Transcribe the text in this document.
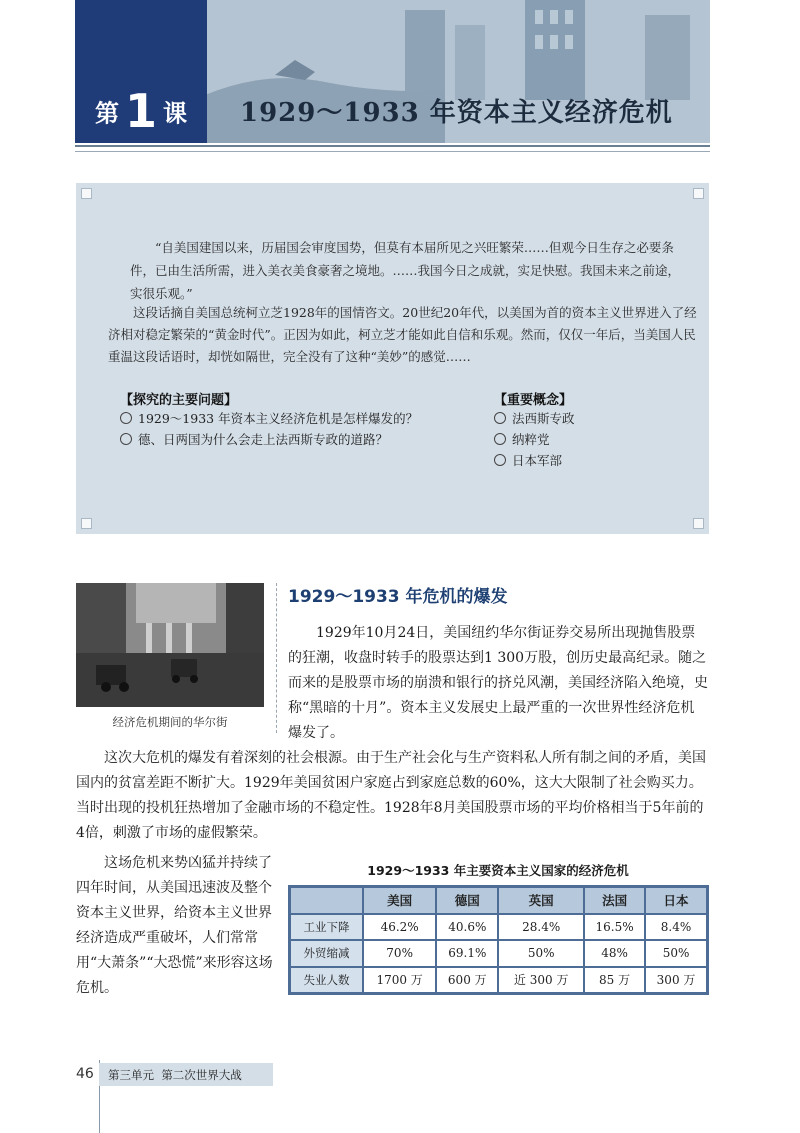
第 1 课	1929～1933 年资本主义经济危机

“自美国建国以来，历届国会审度国势，但莫有本届所见之兴旺繁荣……但观今日生存之必要条件，已由生活所需，进入美衣美食豪奢之境地。……我国今日之成就，实足快慰。我国未来之前途，实很乐观。”

这段话摘自美国总统柯立芝1928年的国情咨文。20世纪20年代，以美国为首的资本主义世界进入了经济相对稳定繁荣的“黄金时代”。正因为如此，柯立芝才能如此自信和乐观。然而，仅仅一年后，当美国人民重温这段话语时，却恍如隔世，完全没有了这种“美妙”的感觉……

【探究的主要问题】
1929～1933 年资本主义经济危机是怎样爆发的？
德、日两国为什么会走上法西斯专政的道路？
【重要概念】
法西斯专政
纳粹党
日本军部
经济危机期间的华尔街
1929～1933 年危机的爆发

1929年10月24日，美国纽约华尔街证券交易所出现抛售股票的狂潮，收盘时转手的股票达到1 300万股，创历史最高纪录。随之而来的是股票市场的崩溃和银行的挤兑风潮，美国经济陷入绝境，史称“黑暗的十月”。资本主义发展史上最严重的一次世界性经济危机爆发了。

这次大危机的爆发有着深刻的社会根源。由于生产社会化与生产资料私人所有制之间的矛盾，美国国内的贫富差距不断扩大。1929年美国贫困户家庭占到家庭总数的60%，这大大限制了社会购买力。当时出现的投机狂热增加了金融市场的不稳定性。1928年8月美国股票市场的平均价格相当于5年前的4倍，刺激了市场的虚假繁荣。

这场危机来势凶猛并持续了四年时间，从美国迅速波及整个资本主义世界，给资本主义世界经济造成严重破坏，人们常常用“大萧条”“大恐慌”来形容这场危机。

1929～1933 年主要资本主义国家的经济危机
	美国	德国	英国	法国	日本
工业下降	46.2%	40.6%	28.4%	16.5%	8.4%
外贸缩减	70%	69.1%	50%	48%	50%
失业人数	1700 万	600 万	近 300 万	85 万	300 万
46 第三单元 第二次世界大战
